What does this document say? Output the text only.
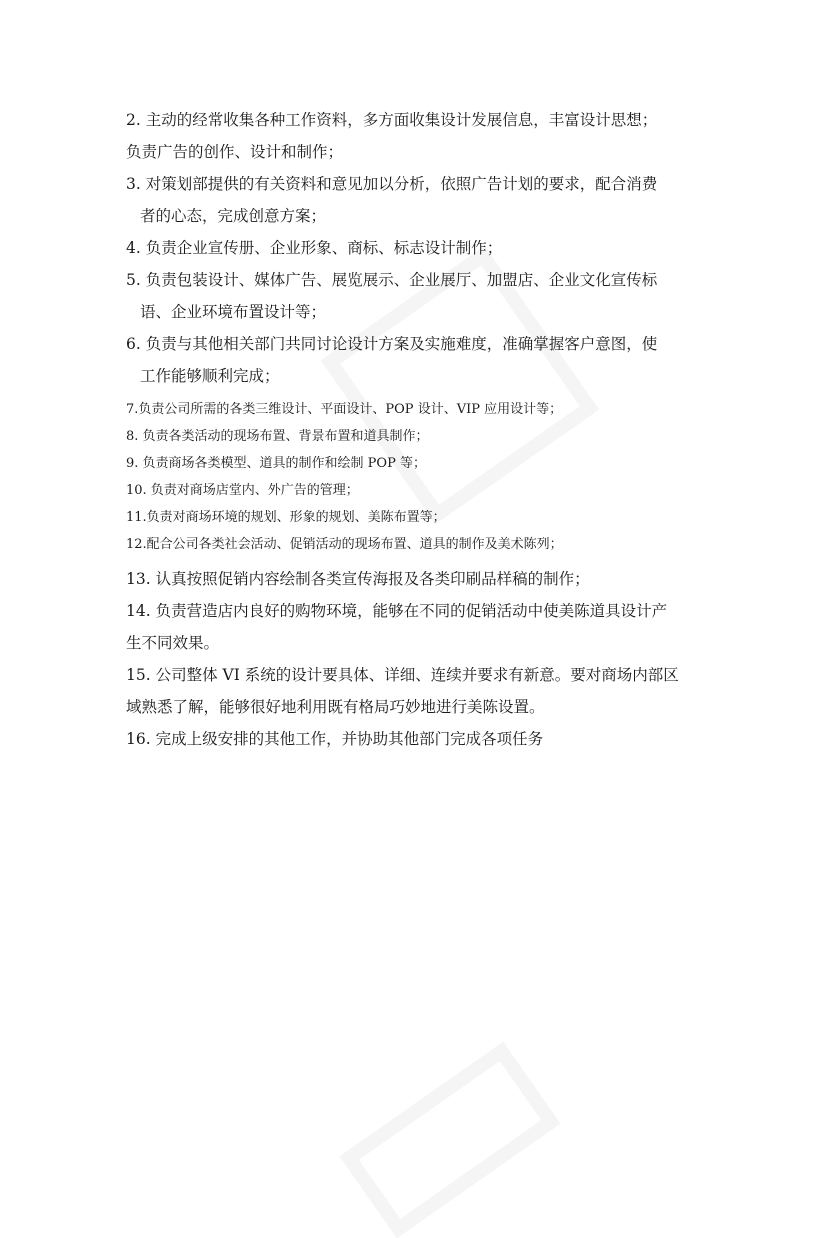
2. 主动的经常收集各种工作资料，多方面收集设计发展信息，丰富设计思想；
负责广告的创作、设计和制作；

3. 对策划部提供的有关资料和意见加以分析，依照广告计划的要求，配合消费
者的心态，完成创意方案；

4. 负责企业宣传册、企业形象、商标、标志设计制作；

5. 负责包装设计、媒体广告、展览展示、企业展厅、加盟店、企业文化宣传标
语、企业环境布置设计等；

6. 负责与其他相关部门共同讨论设计方案及实施难度，准确掌握客户意图，使
工作能够顺利完成；

7.负责公司所需的各类三维设计、平面设计、POP 设计、VIP 应用设计等；

8. 负责各类活动的现场布置、背景布置和道具制作；

9. 负责商场各类模型、道具的制作和绘制 POP 等；

10. 负责对商场店堂内、外广告的管理；

11.负责对商场环境的规划、形象的规划、美陈布置等；

12.配合公司各类社会活动、促销活动的现场布置、道具的制作及美术陈列；

13. 认真按照促销内容绘制各类宣传海报及各类印刷品样稿的制作；

14. 负责营造店内良好的购物环境，能够在不同的促销活动中使美陈道具设计产
生不同效果。

15. 公司整体 VI 系统的设计要具体、详细、连续并要求有新意。要对商场内部区
域熟悉了解，能够很好地利用既有格局巧妙地进行美陈设置。

16. 完成上级安排的其他工作，并协助其他部门完成各项任务
